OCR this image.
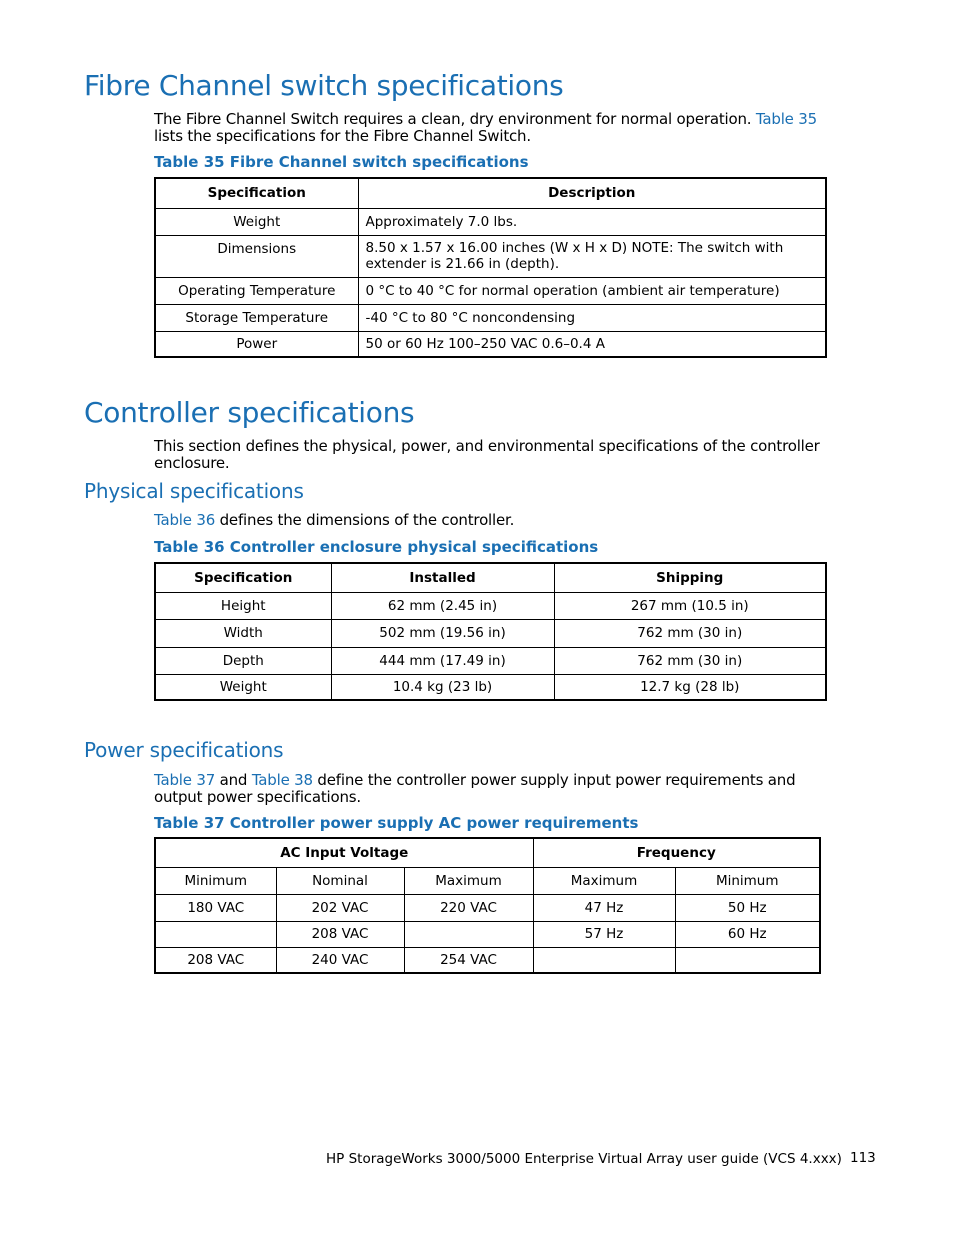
Fibre Channel switch specifications

The Fibre Channel Switch requires a clean, dry environment for normal operation. Table 35 lists the specifications for the Fibre Channel Switch.

Table 35 Fibre Channel switch specifications

Specification	Description
Weight	Approximately 7.0 lbs.
Dimensions	8.50 x 1.57 x 16.00 inches (W x H x D) NOTE: The switch with extender is 21.66 in (depth).
Operating Temperature	0 °C to 40 °C for normal operation (ambient air temperature)
Storage Temperature	-40 °C to 80 °C noncondensing
Power	50 or 60 Hz 100–250 VAC 0.6–0.4 A
Controller specifications

This section defines the physical, power, and environmental specifications of the controller enclosure.

Physical specifications

Table 36 defines the dimensions of the controller.

Table 36 Controller enclosure physical specifications

Specification	Installed	Shipping
Height	62 mm (2.45 in)	267 mm (10.5 in)
Width	502 mm (19.56 in)	762 mm (30 in)
Depth	444 mm (17.49 in)	762 mm (30 in)
Weight	10.4 kg (23 lb)	12.7 kg (28 lb)
Power specifications

Table 37 and Table 38 define the controller power supply input power requirements and output power specifications.

Table 37 Controller power supply AC power requirements

AC Input Voltage			Frequency	
Minimum	Nominal	Maximum	Maximum	Minimum
180 VAC	202 VAC	220 VAC	47 Hz	50 Hz
	208 VAC		57 Hz	60 Hz
208 VAC	240 VAC	254 VAC		
HP StorageWorks 3000/5000 Enterprise Virtual Array user guide (VCS 4.xxx) 113
